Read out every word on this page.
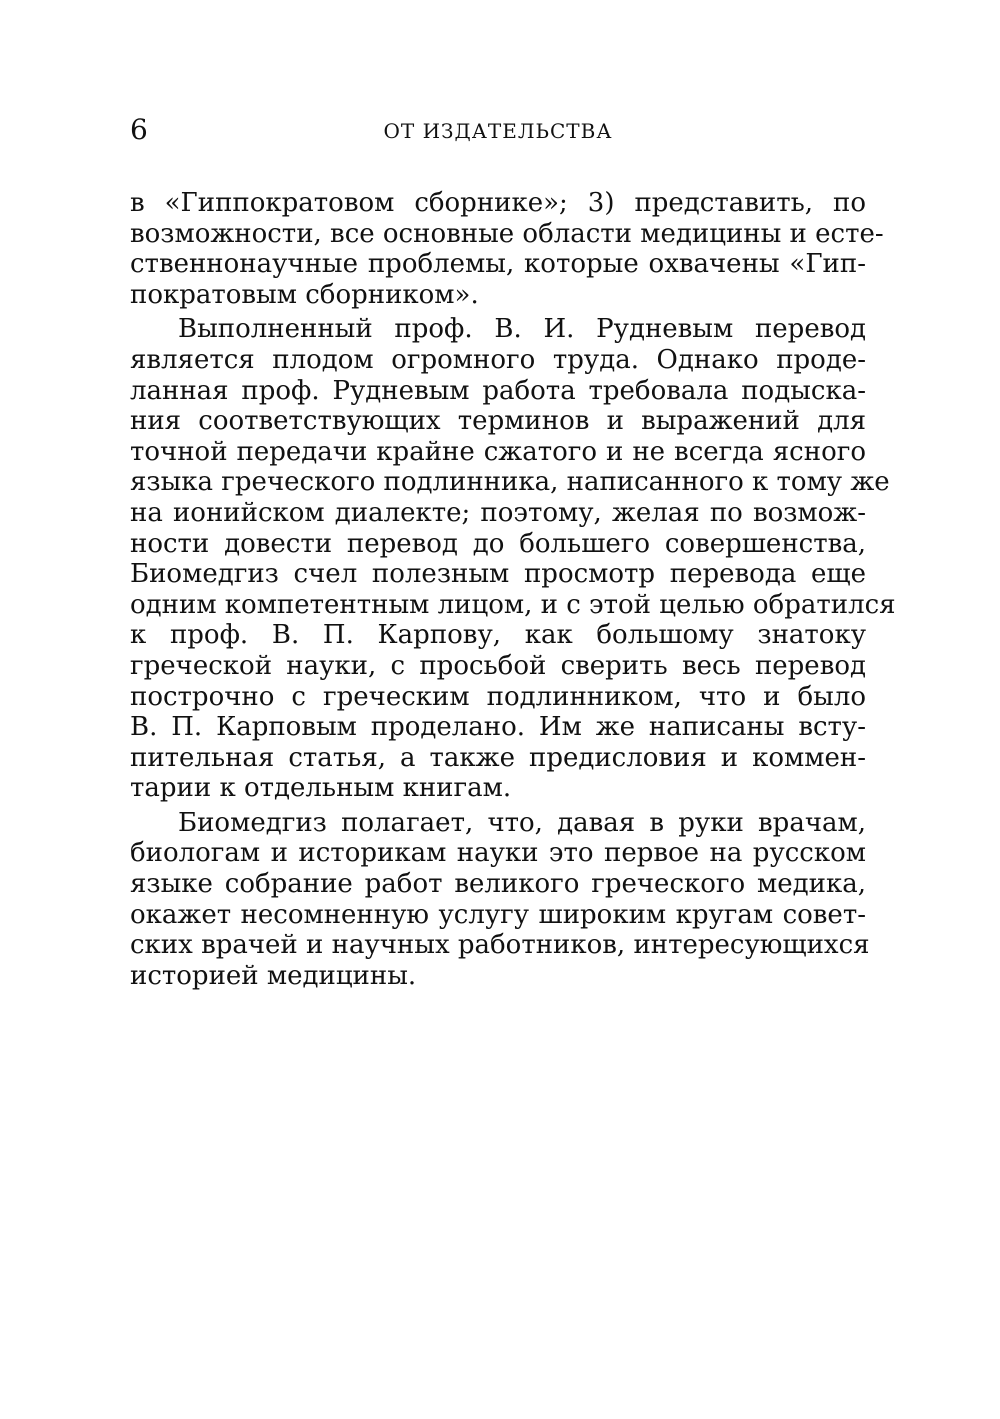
6	ОТ ИЗДАТЕЛЬСТВА
в «Гиппократовом сборнике»; 3) представить, по
возможности, все основные области медицины и есте-
ственнонаучные проблемы, которые охвачены «Гип-
пократовым сборником».
Выполненный проф. В. И. Рудневым перевод
является плодом огромного труда. Однако проде-
ланная проф. Рудневым работа требовала подыска-
ния соответствующих терминов и выражений для
точной передачи крайне сжатого и не всегда ясного
языка греческого подлинника, написанного к тому же
на ионийском диалекте; поэтому, желая по возмож-
ности довести перевод до большего совершенства,
Биомедгиз счел полезным просмотр перевода еще
одним компетентным лицом, и с этой целью обратился
к проф. В. П. Карпову, как большому знатоку
греческой науки, с просьбой сверить весь перевод
построчно с греческим подлинником, что и было
В. П. Карповым проделано. Им же написаны всту-
пительная статья, а также предисловия и коммен-
тарии к отдельным книгам.
Биомедгиз полагает, что, давая в руки врачам,
биологам и историкам науки это первое на русском
языке собрание работ великого греческого медика,
окажет несомненную услугу широким кругам совет-
ских врачей и научных работников, интересующихся
историей медицины.
